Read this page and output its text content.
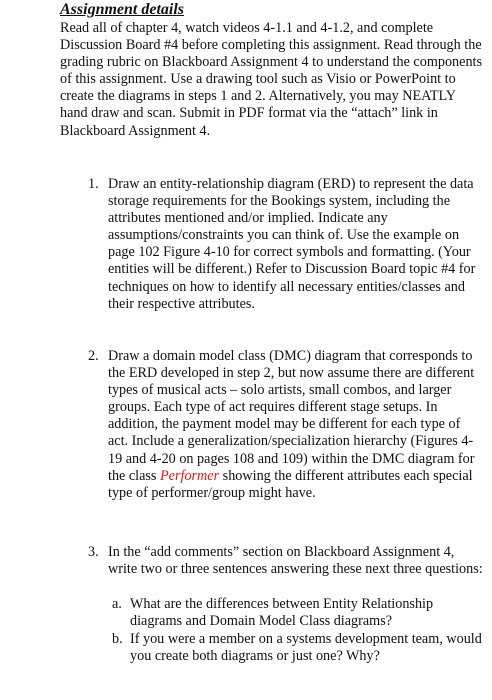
Assignment details
Read all of chapter 4, watch videos 4-1.1 and 4-1.2, and complete Discussion Board #4 before completing this assignment. Read through the grading rubric on Blackboard Assignment 4 to understand the components of this assignment. Use a drawing tool such as Visio or PowerPoint to create the diagrams in steps 1 and 2. Alternatively, you may NEATLY hand draw and scan. Submit in PDF format via the “attach” link in Blackboard Assignment 4.
1. Draw an entity-relationship diagram (ERD) to represent the data storage requirements for the Bookings system, including the attributes mentioned and/or implied. Indicate any assumptions/constraints you can think of. Use the example on page 102 Figure 4-10 for correct symbols and formatting. (Your entities will be different.) Refer to Discussion Board topic #4 for techniques on how to identify all necessary entities/classes and their respective attributes.
2. Draw a domain model class (DMC) diagram that corresponds to the ERD developed in step 2, but now assume there are different types of musical acts – solo artists, small combos, and larger groups. Each type of act requires different stage setups. In addition, the payment model may be different for each type of act. Include a generalization/specialization hierarchy (Figures 4-19 and 4-20 on pages 108 and 109) within the DMC diagram for the class Performer showing the different attributes each special type of performer/group might have.
3. In the “add comments” section on Blackboard Assignment 4, write two or three sentences answering these next three questions:
a. What are the differences between Entity Relationship diagrams and Domain Model Class diagrams?
b. If you were a member on a systems development team, would you create both diagrams or just one? Why?
